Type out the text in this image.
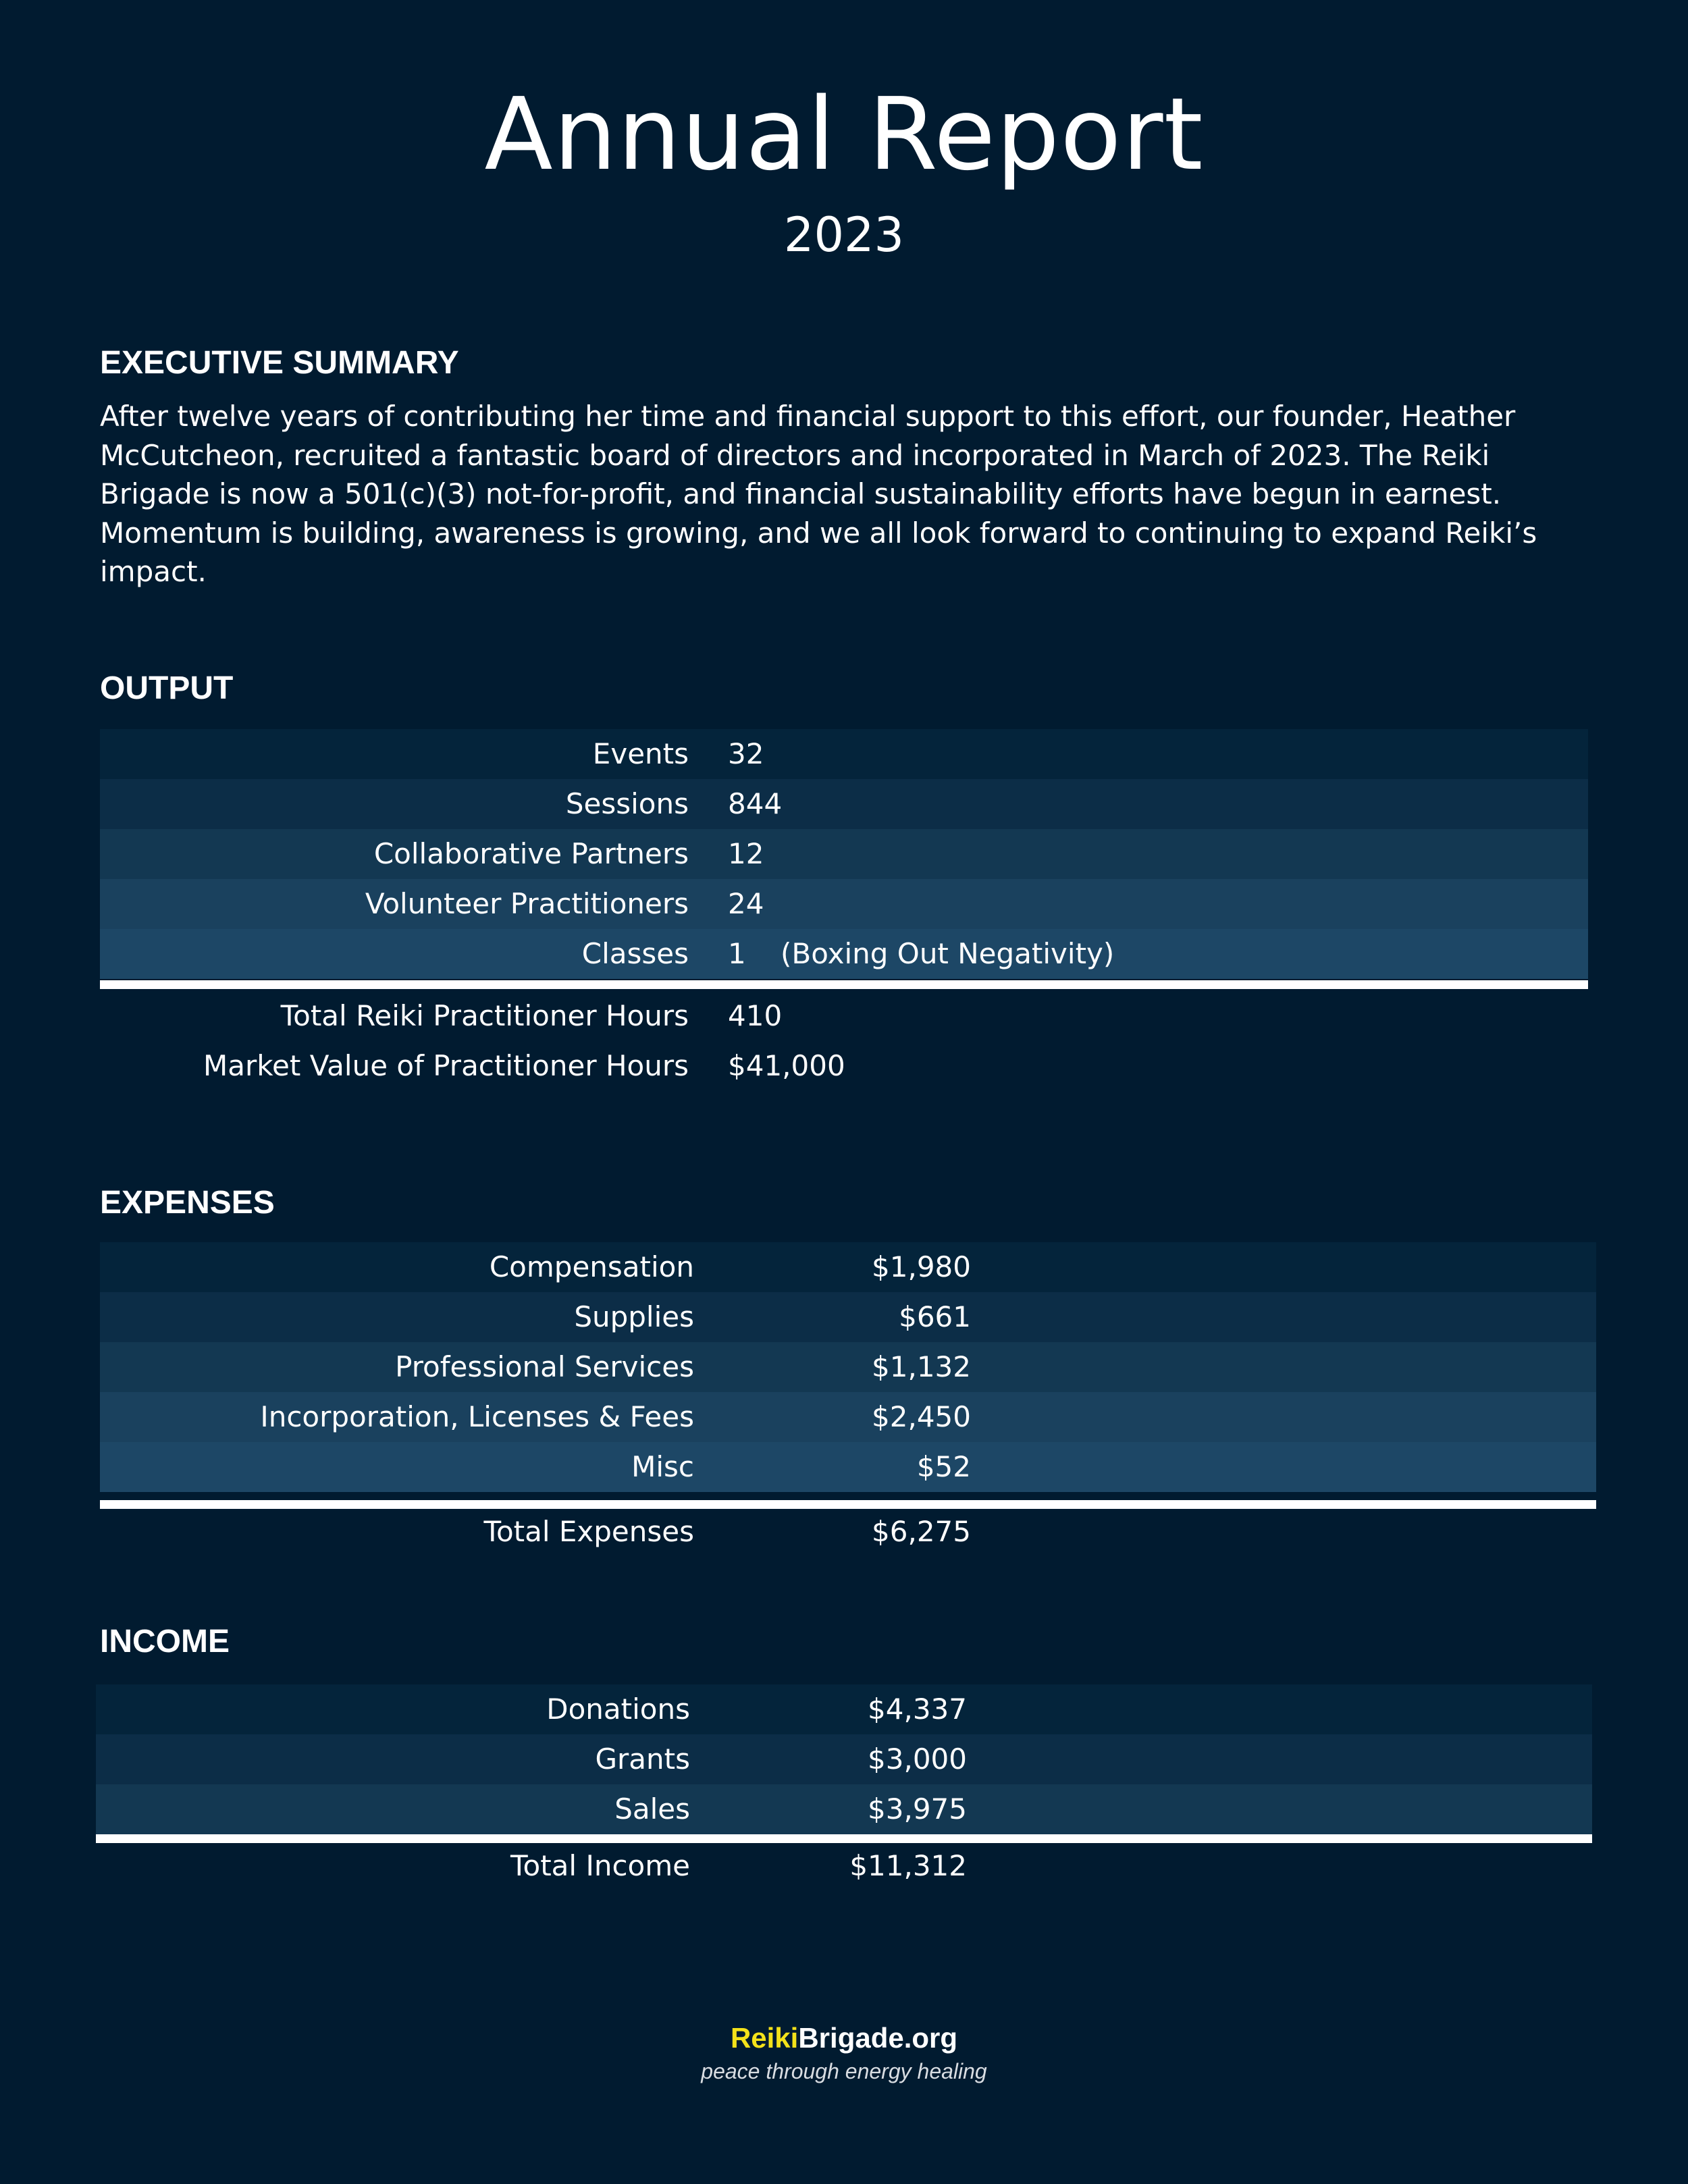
Annual Report
2023
EXECUTIVE SUMMARY
After twelve years of contributing her time and financial support to this effort, our founder, Heather McCutcheon, recruited a fantastic board of directors and incorporated in March of 2023. The Reiki Brigade is now a 501(c)(3) not-for-profit, and financial sustainability efforts have begun in earnest. Momentum is building, awareness is growing, and we all look forward to continuing to expand Reiki’s impact.
OUTPUT
Events 32
Sessions 844
Collaborative Partners 12
Volunteer Practitioners 24
Classes 1 (Boxing Out Negativity)
Total Reiki Practitioner Hours 410
Market Value of Practitioner Hours $41,000
EXPENSES
Compensation	$1,980
Supplies	$661
Professional Services	$1,132
Incorporation, Licenses & Fees	$2,450
Misc	$52
Total Expenses	$6,275
INCOME
Donations	$4,337
Grants	$3,000
Sales	$3,975
Total Income	$11,312
ReikiBrigade.org
peace through energy healing
